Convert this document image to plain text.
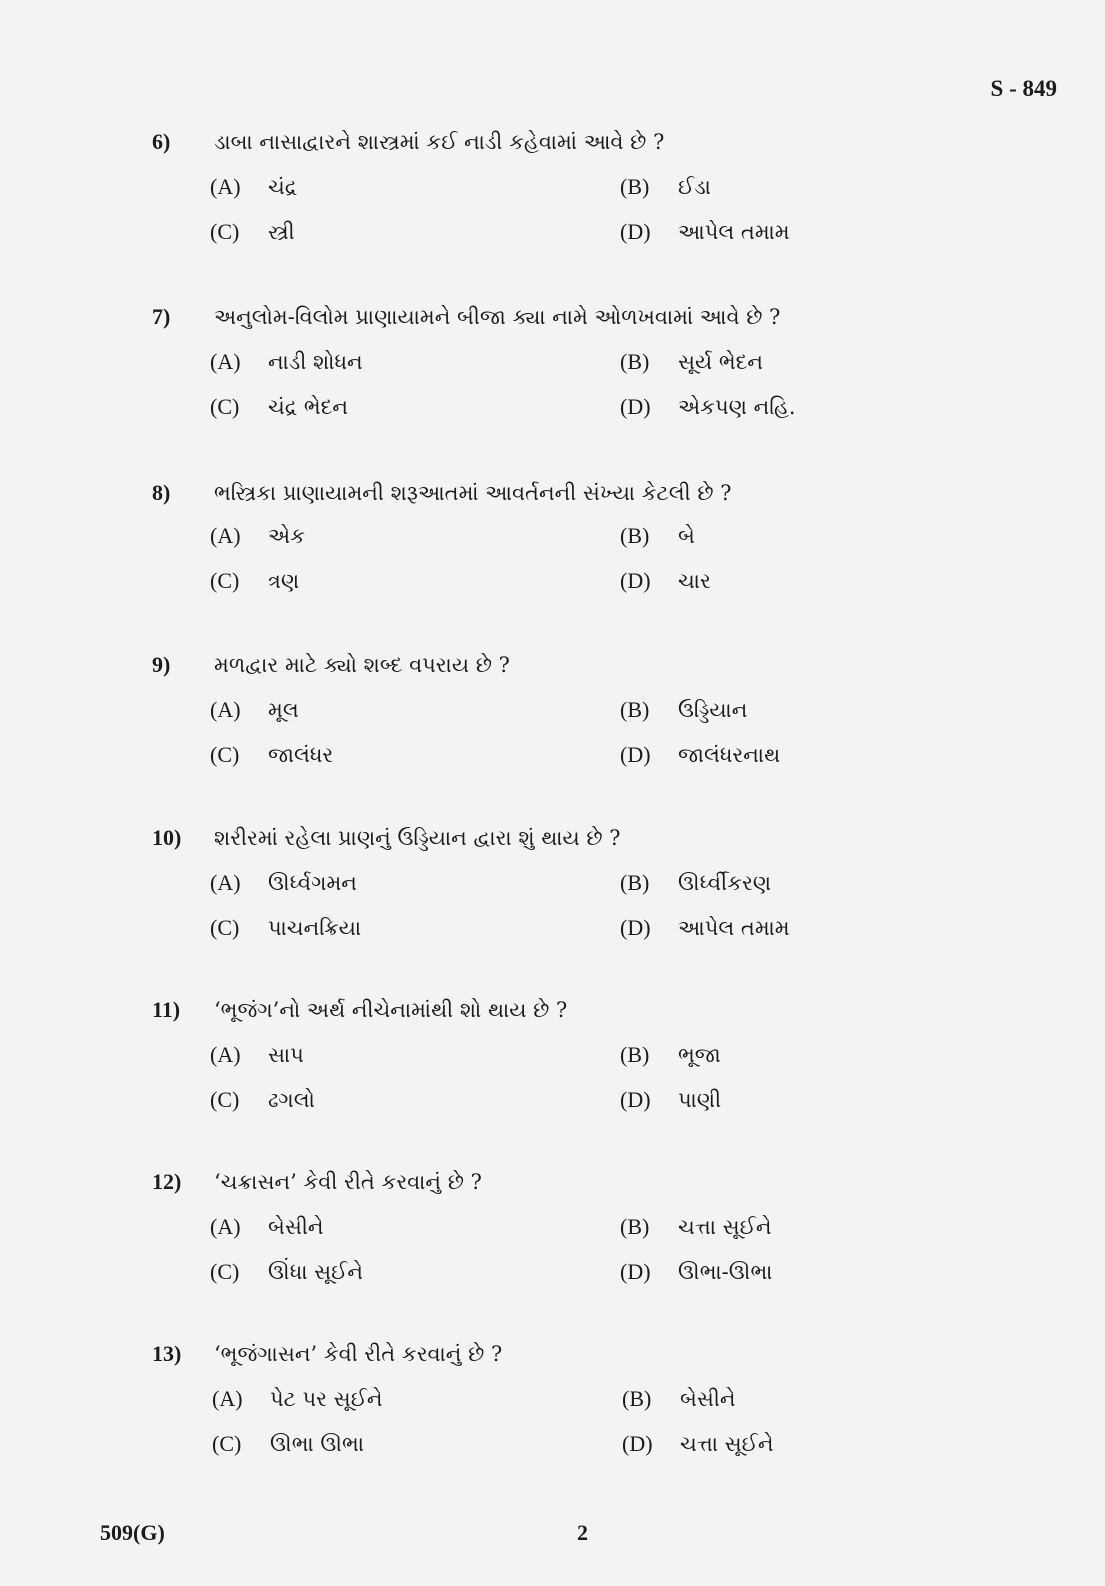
S - 849
6)	ડાબા નાસાદ્વારને શાસ્ત્રમાં કઈ નાડી કહેવામાં આવે છે ?
(A)	ચંદ્ર	(B)	ઈડા
(C)	સ્ત્રી	(D)	આપેલ તમામ
7)	અનુલોમ-વિલોમ પ્રાણાયામને બીજા ક્યા નામે ઓળખવામાં આવે છે ?
(A)	નાડી શોધન	(B)	સૂર્ય ભેદન
(C)	ચંદ્ર ભેદન	(D)	એકપણ નહિ.
8)	ભસ્ત્રિકા પ્રાણાયામની શરૂઆતમાં આવર્તનની સંખ્યા કેટલી છે ?
(A)	એક	(B)	બે
(C)	ત્રણ	(D)	ચાર
9)	મળદ્વાર માટે ક્યો શબ્દ વપરાય છે ?
(A)	મૂલ	(B)	ઉડ્ડિયાન
(C)	જાલંધર	(D)	જાલંધરનાથ
10)	શરીરમાં રહેલા પ્રાણનું ઉડ્ડિયાન દ્વારા શું થાય છે ?
(A)	ઊર્ધ્વગમન	(B)	ઊર્ધ્વીકરણ
(C)	પાચનક્રિયા	(D)	આપેલ તમામ
11)	‘ભૂજંગ’નો અર્થ નીચેનામાંથી શો થાય છે ?
(A)	સાપ	(B)	ભૂજા
(C)	ઢગલો	(D)	પાણી
12)	‘ચક્રાસન’ કેવી રીતે કરવાનું છે ?
(A)	બેસીને	(B)	ચત્તા સૂઈને
(C)	ઊંધા સૂઈને	(D)	ઊભા-ઊભા
13)	‘ભૂજંગાસન’ કેવી રીતે કરવાનું છે ?
(A)	પેટ પર સૂઈને	(B)	બેસીને
(C)	ઊભા ઊભા	(D)	ચત્તા સૂઈને
509(G)	2
